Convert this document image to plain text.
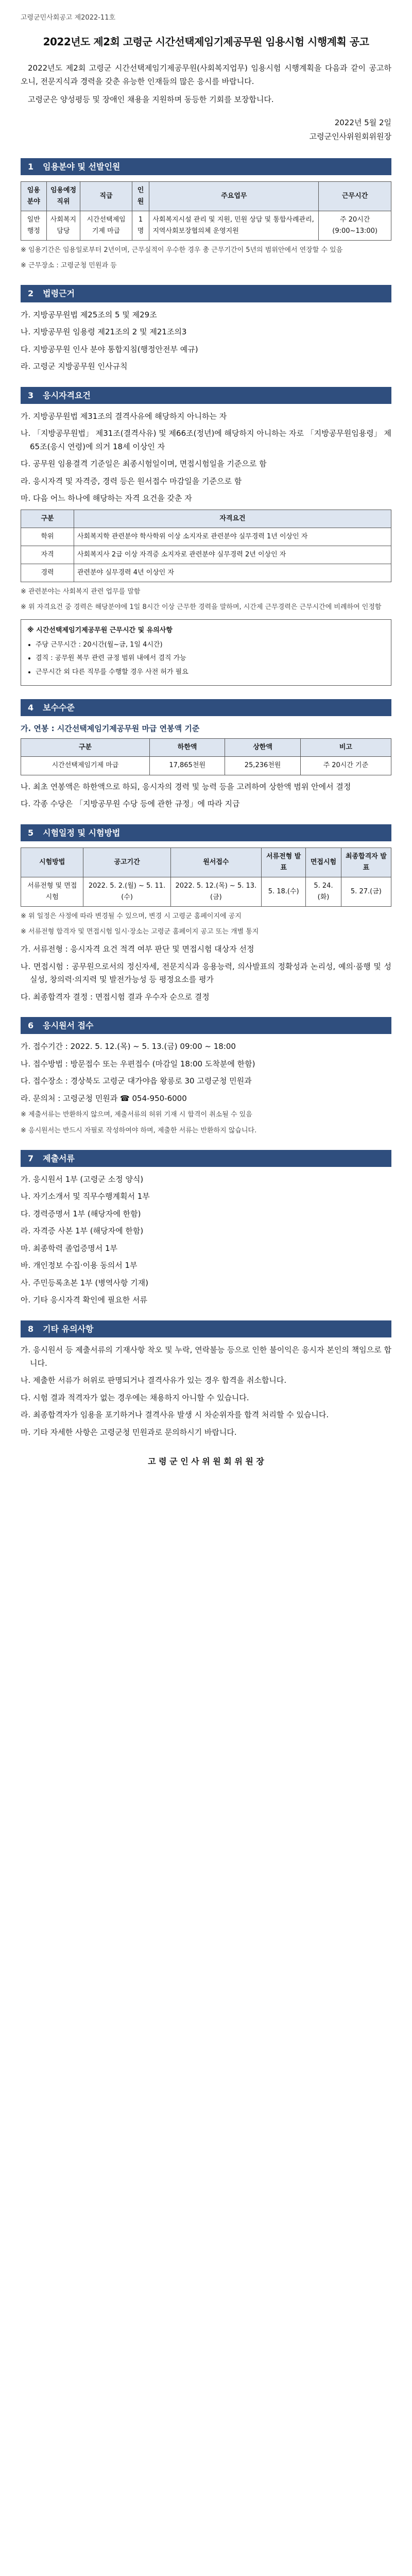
고령군민사회공고 제2022-11호
2022년도 제2회 고령군 시간선택제임기제공무원 임용시험 시행계획 공고

2022년도 제2회 고령군 시간선택제임기제공무원(사회복지업무) 임용시험 시행계획을 다음과 같이 공고하오니, 전문지식과 경력을 갖춘 유능한 인재들의 많은 응시를 바랍니다.

고령군은 양성평등 및 장애인 채용을 지원하며 동등한 기회를 보장합니다.

2022년 5월 2일
고령군인사위원회위원장
1	임용분야 및 선발인원
임용분야	임용예정직위	직급	인원	주요업무	근무시간
일반행정	사회복지담당	시간선택제임기제 마급	1명	사회복지시설 관리 및 지원, 민원 상담 및 통합사례관리, 지역사회보장협의체 운영지원	주 20시간 (9:00~13:00)
※ 임용기간은 임용일로부터 2년이며, 근무실적이 우수한 경우 총 근무기간이 5년의 범위안에서 연장할 수 있음
※ 근무장소 : 고령군청 민원과 등
2	법령근거
가. 지방공무원법 제25조의 5 및 제29조
나. 지방공무원 임용령 제21조의 2 및 제21조의3
다. 지방공무원 인사 분야 통합지침(행정안전부 예규)
라. 고령군 지방공무원 인사규칙
3	응시자격요건
가. 지방공무원법 제31조의 결격사유에 해당하지 아니하는 자
나. 「지방공무원법」 제31조(결격사유) 및 제66조(정년)에 해당하지 아니하는 자로 「지방공무원임용령」 제65조(응시 연령)에 의거 18세 이상인 자
다. 공무원 임용결격 기준일은 최종시험일이며, 면접시험일을 기준으로 함
라. 응시자격 및 자격증, 경력 등은 원서접수 마감일을 기준으로 함
마. 다음 어느 하나에 해당하는 자격 요건을 갖춘 자
구분	자격요건
학위	사회복지학 관련분야 학사학위 이상 소지자로 관련분야 실무경력 1년 이상인 자
자격	사회복지사 2급 이상 자격증 소지자로 관련분야 실무경력 2년 이상인 자
경력	관련분야 실무경력 4년 이상인 자
※ 관련분야는 사회복지 관련 업무를 말함
※ 위 자격요건 중 경력은 해당분야에 1일 8시간 이상 근무한 경력을 말하며, 시간제 근무경력은 근무시간에 비례하여 인정함
※ 시간선택제임기제공무원 근무시간 및 유의사항
• 주당 근무시간 : 20시간(월~금, 1일 4시간)
• 겸직 : 공무원 복무 관련 규정 범위 내에서 겸직 가능
• 근무시간 외 다른 직무를 수행할 경우 사전 허가 필요
4	보수수준
가. 연봉 : 시간선택제임기제공무원 마급 연봉액 기준
구분	하한액	상한액	비고
시간선택제임기제 마급	17,865천원	25,236천원	주 20시간 기준
나. 최초 연봉액은 하한액으로 하되, 응시자의 경력 및 능력 등을 고려하여 상한액 범위 안에서 결정
다. 각종 수당은 「지방공무원 수당 등에 관한 규정」에 따라 지급
5	시험일정 및 시험방법
시험방법	공고기간	원서접수	서류전형 발표	면접시험	최종합격자 발표
서류전형 및 면접시험	2022. 5. 2.(월) ~ 5. 11.(수)	2022. 5. 12.(목) ~ 5. 13.(금)	5. 18.(수)	5. 24.(화)	5. 27.(금)
※ 위 일정은 사정에 따라 변경될 수 있으며, 변경 시 고령군 홈페이지에 공지
※ 서류전형 합격자 및 면접시험 일시·장소는 고령군 홈페이지 공고 또는 개별 통지
가. 서류전형 : 응시자격 요건 적격 여부 판단 및 면접시험 대상자 선정
나. 면접시험 : 공무원으로서의 정신자세, 전문지식과 응용능력, 의사발표의 정확성과 논리성, 예의·품행 및 성실성, 창의력·의지력 및 발전가능성 등 평정요소를 평가
다. 최종합격자 결정 : 면접시험 결과 우수자 순으로 결정
6	응시원서 접수
가. 접수기간 : 2022. 5. 12.(목) ~ 5. 13.(금) 09:00 ~ 18:00
나. 접수방법 : 방문접수 또는 우편접수 (마감일 18:00 도착분에 한함)
다. 접수장소 : 경상북도 고령군 대가야읍 왕릉로 30 고령군청 민원과
라. 문의처 : 고령군청 민원과 ☎ 054-950-6000
※ 제출서류는 반환하지 않으며, 제출서류의 허위 기재 시 합격이 취소될 수 있음
※ 응시원서는 반드시 자필로 작성하여야 하며, 제출한 서류는 반환하지 않습니다.
7	제출서류
가. 응시원서 1부 (고령군 소정 양식)
나. 자기소개서 및 직무수행계획서 1부
다. 경력증명서 1부 (해당자에 한함)
라. 자격증 사본 1부 (해당자에 한함)
마. 최종학력 졸업증명서 1부
바. 개인정보 수집·이용 동의서 1부
사. 주민등록초본 1부 (병역사항 기재)
아. 기타 응시자격 확인에 필요한 서류
8	기타 유의사항
가. 응시원서 등 제출서류의 기재사항 착오 및 누락, 연락불능 등으로 인한 불이익은 응시자 본인의 책임으로 합니다.
나. 제출한 서류가 허위로 판명되거나 결격사유가 있는 경우 합격을 취소합니다.
다. 시험 결과 적격자가 없는 경우에는 채용하지 아니할 수 있습니다.
라. 최종합격자가 임용을 포기하거나 결격사유 발생 시 차순위자를 합격 처리할 수 있습니다.
마. 기타 자세한 사항은 고령군청 민원과로 문의하시기 바랍니다.
고 령 군 인 사 위 원 회 위 원 장
